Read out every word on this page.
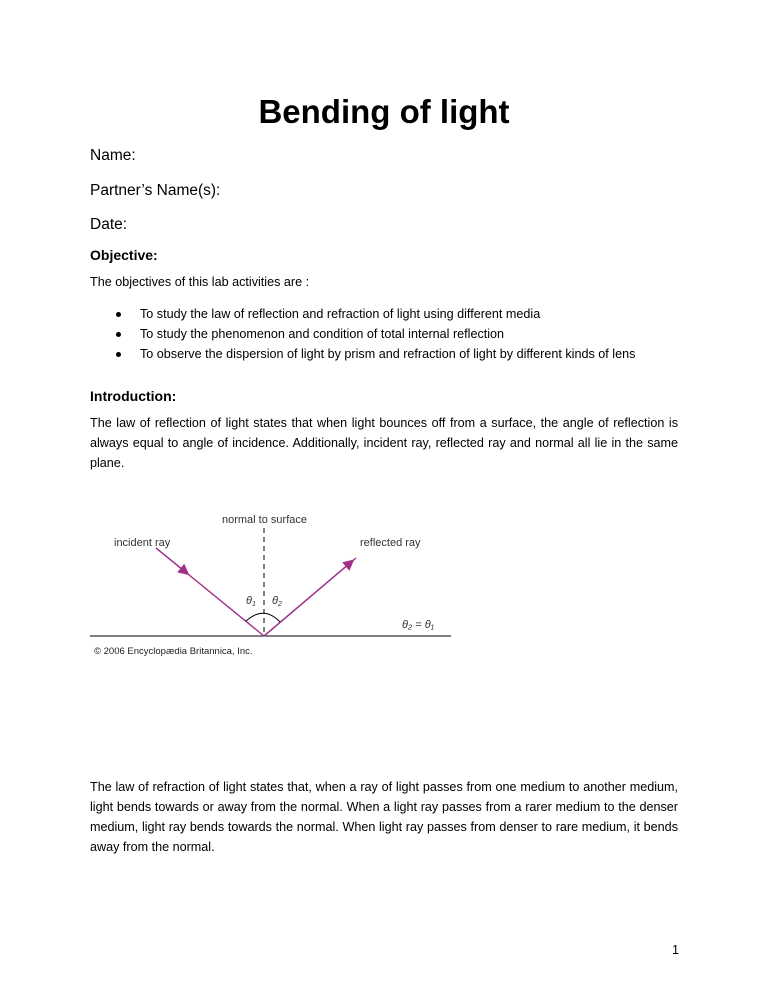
Bending of light
Name:
Partner’s Name(s):
Date:
Objective:
The objectives of this lab activities are :
To study the law of reflection and refraction of light using different media
To study the phenomenon and condition of total internal reflection
To observe the dispersion of light by prism and refraction of light by different kinds of lens
Introduction:

The law of reflection of light states that when light bounces off from a surface, the angle of reflection is always equal to angle of incidence. Additionally, incident ray, reflected ray and normal all lie in the same plane.

normal to surface
incident ray	reflected ray
θ1 θ2
θ₂ = θ₁
© 2006 Encyclopædia Britannica, Inc.

The law of refraction of light states that, when a ray of light passes from one medium to another medium, light bends towards or away from the normal. When a light ray passes from a rarer medium to the denser medium, light ray bends towards the normal. When light ray passes from denser to rare medium, it bends away from the normal.

1
